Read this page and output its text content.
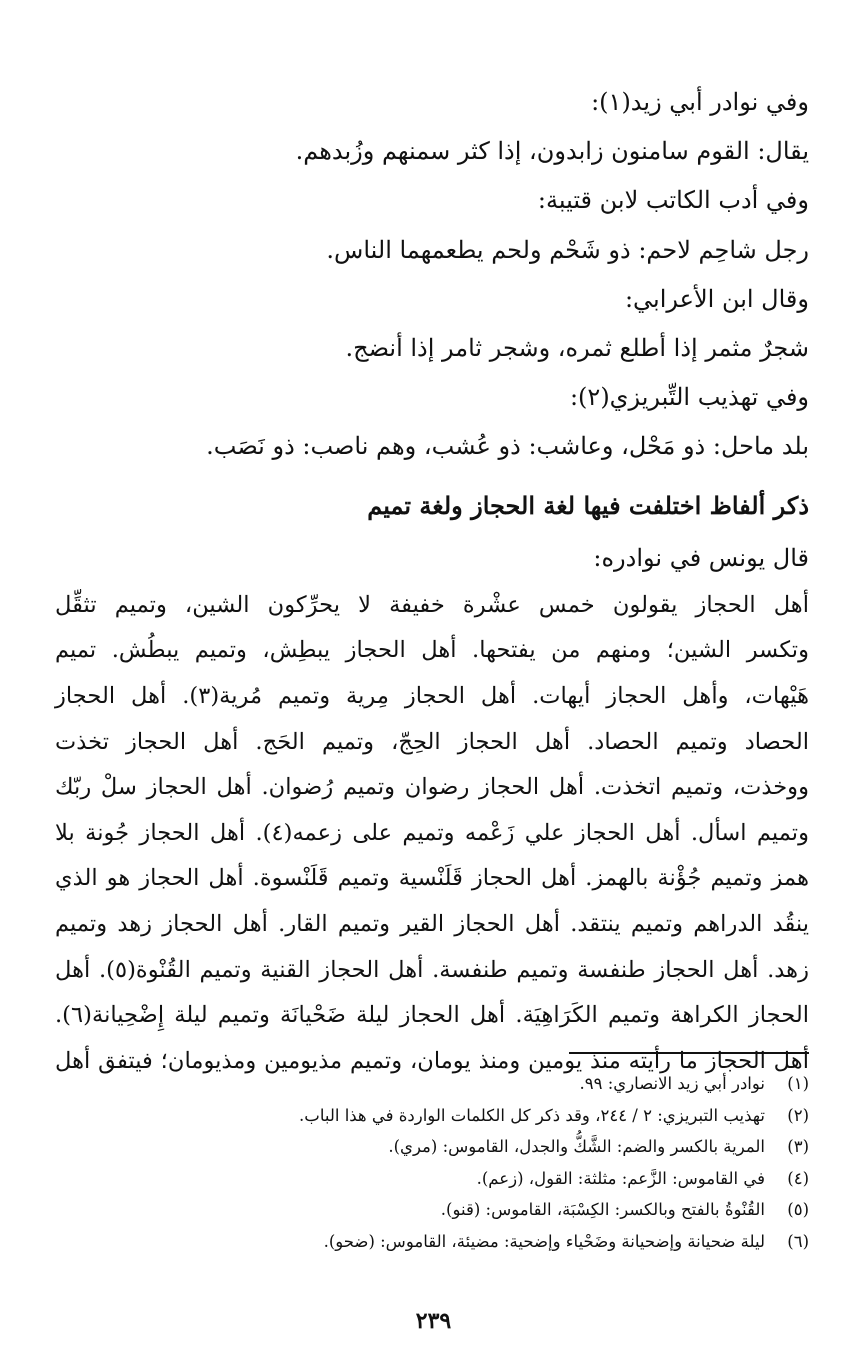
وفي نوادر أبي زيد(١):

يقال: القوم سامنون زابدون، إذا كثر سمنهم وزُبدهم.

وفي أدب الكاتب لابن قتيبة:

رجل شاحِم لاحم: ذو شَحْم ولحم يطعمهما الناس.

وقال ابن الأعرابي:

شجرٌ مثمر إذا أطلع ثمره، وشجر ثامر إذا أنضج.

وفي تهذيب التِّبريزي(٢):

بلد ماحل: ذو مَحْل، وعاشب: ذو عُشب، وهم ناصب: ذو نَصَب.

ذكر ألفاظ اختلفت فيها لغة الحجاز ولغة تميم

قال يونس في نوادره:

أهل الحجاز يقولون خمس عشْرة خفيفة لا يحرِّكون الشين، وتميم تثقِّل

وتكسر الشين؛ ومنهم من يفتحها. أهل الحجاز يبطِش، وتميم يبطُش. تميم

هَيْهات، وأهل الحجاز أيهات. أهل الحجاز مِرية وتميم مُرية(٣). أهل الحجاز

الحصاد وتميم الحصاد. أهل الحجاز الحِجّ، وتميم الحَج. أهل الحجاز تخذت

ووخذت، وتميم اتخذت. أهل الحجاز رضوان وتميم رُضوان. أهل الحجاز سلْ ربّك

وتميم اسأل. أهل الحجاز علي زَعْمه وتميم على زعمه(٤). أهل الحجاز جُونة بلا

همز وتميم جُؤْنة بالهمز. أهل الحجاز قَلَنْسية وتميم قَلَنْسوة. أهل الحجاز هو الذي

ينقُد الدراهم وتميم ينتقد. أهل الحجاز القير وتميم القار. أهل الحجاز زهد وتميم

زهد. أهل الحجاز طنفسة وتميم طنفسة. أهل الحجاز القنية وتميم القُنْوة(٥). أهل

الحجاز الكراهة وتميم الكَرَاهِيَة. أهل الحجاز ليلة ضَحْيانَة وتميم ليلة إِضْحِيانة(٦).

أهل الحجاز ما رأيته منذ يومين ومنذ يومان، وتميم مذيومين ومذيومان؛ فيتفق أهل

(١)نوادر أبي زيد الانصاري: ٩٩.

(٢)تهذيب التبريزي: ٢ / ٢٤٤، وقد ذكر كل الكلمات الواردة في هذا الباب.

(٣)المرية بالكسر والضم: الشَّكُّ والجدل، القاموس: (مري).

(٤)في القاموس: الزَّعم: مثلثة: القول، (زعم).

(٥)القُنْوةُ بالفتح وبالكسر: الكِسْبَة، القاموس: (قنو).

(٦)ليلة ضحيانة وإضحيانة وضَحْياء وإضحية: مضيئة، القاموس: (ضحو).

٢٣٩
